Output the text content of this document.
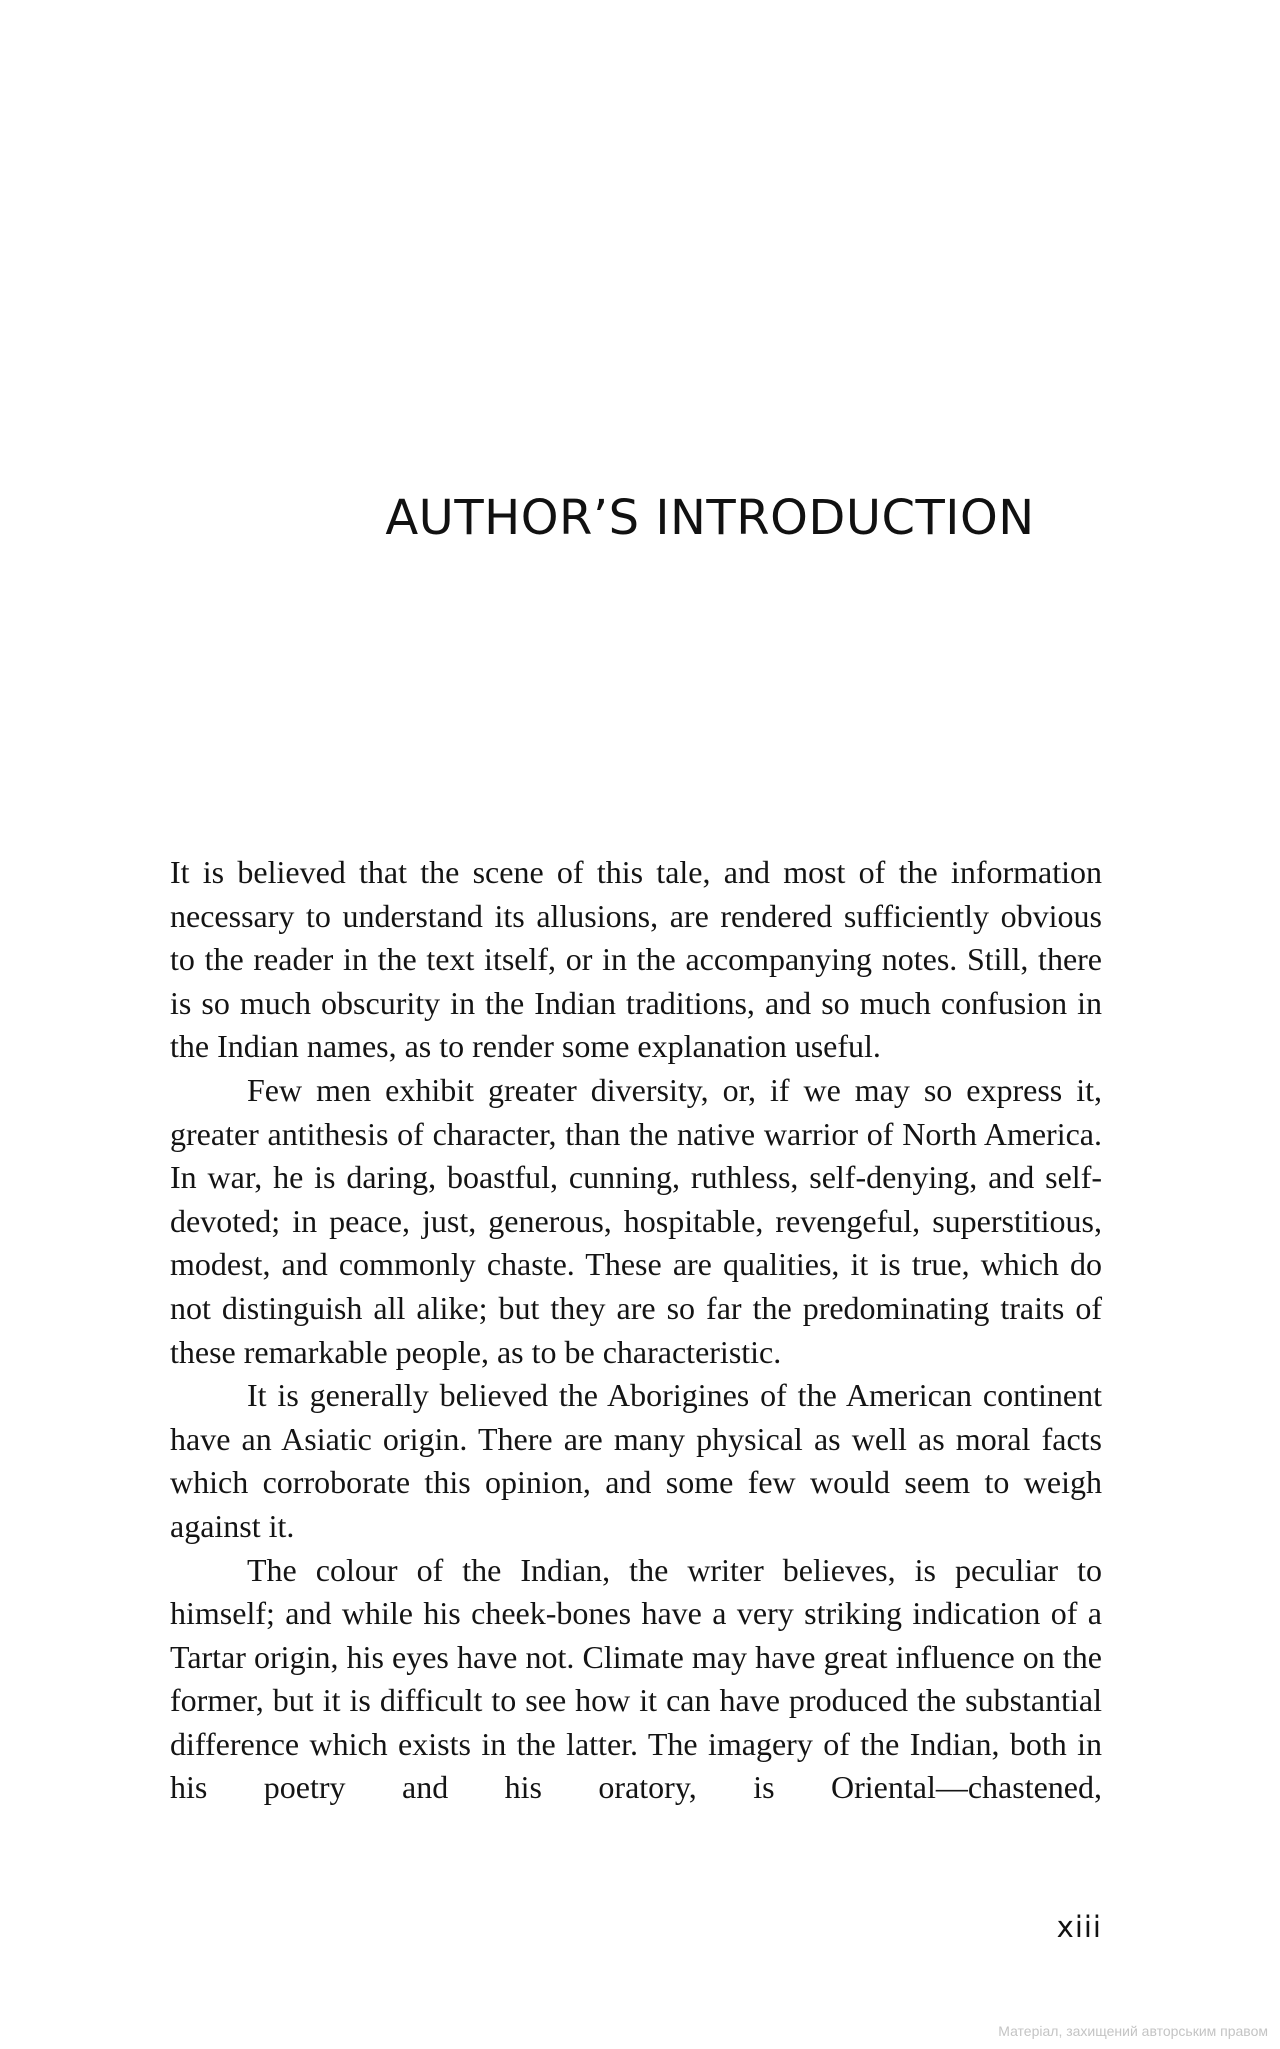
AUTHOR’S INTRODUCTION

It is believed that the scene of this tale, and most of the information necessary to understand its allusions, are rendered sufficiently obvious to the reader in the text itself, or in the accompanying notes. Still, there is so much obscurity in the Indian traditions, and so much confusion in the Indian names, as to render some explanation useful.

Few men exhibit greater diversity, or, if we may so express it, greater antithesis of character, than the native warrior of North America. In war, he is daring, boastful, cunning, ruthless, self-denying, and self-devoted; in peace, just, generous, hospitable, revengeful, superstitious, modest, and commonly chaste. These are qualities, it is true, which do not distinguish all alike; but they are so far the predominating traits of these remarkable people, as to be characteristic.

It is generally believed the Aborigines of the American continent have an Asiatic origin. There are many physical as well as moral facts which corroborate this opinion, and some few would seem to weigh against it.

The colour of the Indian, the writer believes, is peculiar to himself; and while his cheek-bones have a very striking indication of a Tartar origin, his eyes have not. Climate may have great influence on the former, but it is difficult to see how it can have produced the substantial difference which exists in the latter. The imagery of the Indian, both in his poetry and his oratory, is Oriental—chastened,

xiii
Матеріал, захищений авторським правом
